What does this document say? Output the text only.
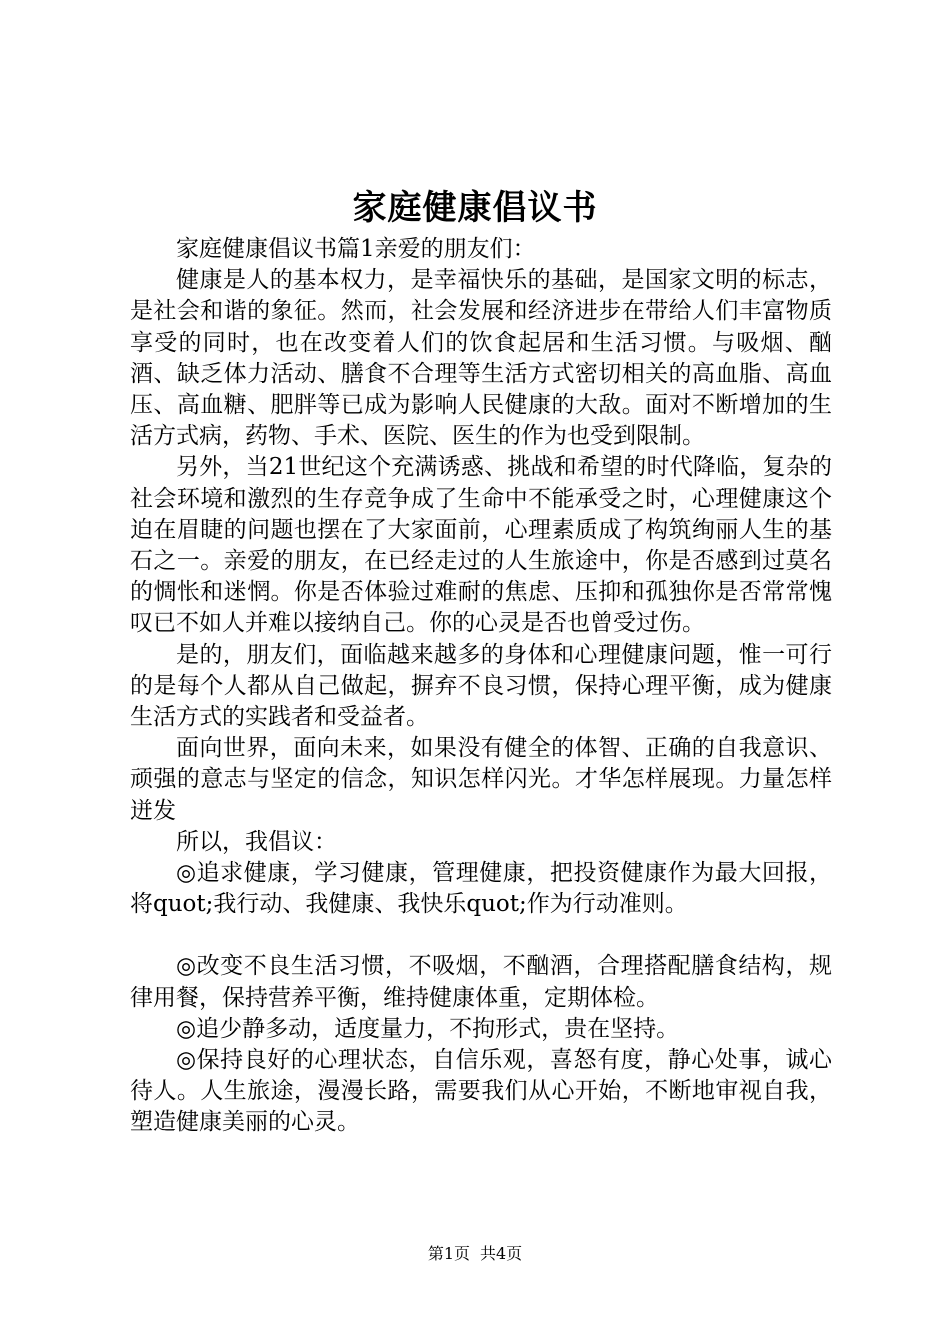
家庭健康倡议书

家庭健康倡议书篇1亲爱的朋友们：

健康是人的基本权力，是幸福快乐的基础，是国家文明的标志，是社会和谐的象征。然而，社会发展和经济进步在带给人们丰富物质享受的同时，也在改变着人们的饮食起居和生活习惯。与吸烟、酗酒、缺乏体力活动、膳食不合理等生活方式密切相关的高血脂、高血压、高血糖、肥胖等已成为影响人民健康的大敌。面对不断增加的生活方式病，药物、手术、医院、医生的作为也受到限制。

另外，当21世纪这个充满诱惑、挑战和希望的时代降临，复杂的社会环境和激烈的生存竞争成了生命中不能承受之时，心理健康这个迫在眉睫的问题也摆在了大家面前，心理素质成了构筑绚丽人生的基石之一。亲爱的朋友，在已经走过的人生旅途中，你是否感到过莫名的惆怅和迷惘。你是否体验过难耐的焦虑、压抑和孤独你是否常常愧叹已不如人并难以接纳自己。你的心灵是否也曾受过伤。

是的，朋友们，面临越来越多的身体和心理健康问题，惟一可行的是每个人都从自己做起，摒弃不良习惯，保持心理平衡，成为健康生活方式的实践者和受益者。

面向世界，面向未来，如果没有健全的体智、正确的自我意识、顽强的意志与坚定的信念，知识怎样闪光。才华怎样展现。力量怎样迸发

所以，我倡议：

◎追求健康，学习健康，管理健康，把投资健康作为最大回报，将quot;我行动、我健康、我快乐quot;作为行动准则。

◎改变不良生活习惯，不吸烟，不酗酒，合理搭配膳食结构，规律用餐，保持营养平衡，维持健康体重，定期体检。

◎追少静多动，适度量力，不拘形式，贵在坚持。

◎保持良好的心理状态，自信乐观，喜怒有度，静心处事，诚心待人。人生旅途，漫漫长路，需要我们从心开始，不断地审视自我，塑造健康美丽的心灵。

第1页 共4页
